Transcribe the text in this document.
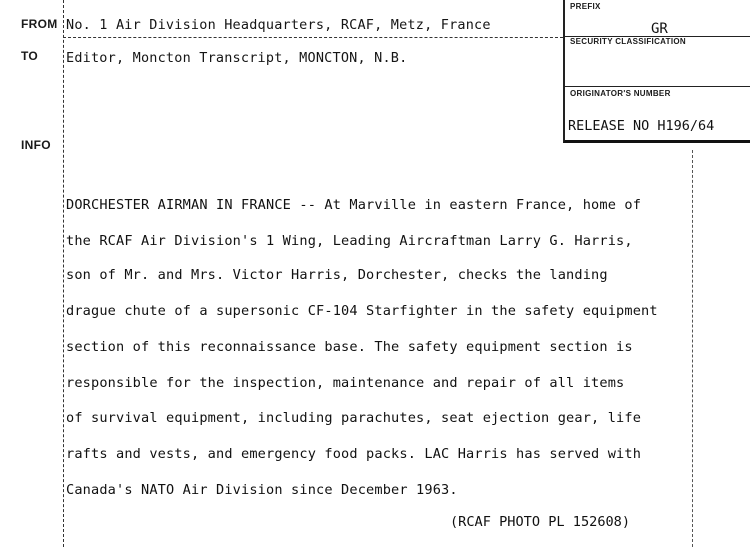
FROM
TO
INFO
No. 1 Air Division Headquarters, RCAF, Metz, France
Editor, Moncton Transcript, MONCTON, N.B.
PREFIX
GR
SECURITY CLASSIFICATION
ORIGINATOR'S NUMBER
RELEASE NO H196/64
DORCHESTER AIRMAN IN FRANCE -- At Marville in eastern France, home of
the RCAF Air Division's 1 Wing, Leading Aircraftman Larry G. Harris,
son of Mr. and Mrs. Victor Harris, Dorchester, checks the landing
drague chute of a supersonic CF-104 Starfighter in the safety equipment
section of this reconnaissance base. The safety equipment section is
responsible for the inspection, maintenance and repair of all items
of survival equipment, including parachutes, seat ejection gear, life
rafts and vests, and emergency food packs. LAC Harris has served with
Canada's NATO Air Division since December 1963.
(RCAF PHOTO PL 152608)
